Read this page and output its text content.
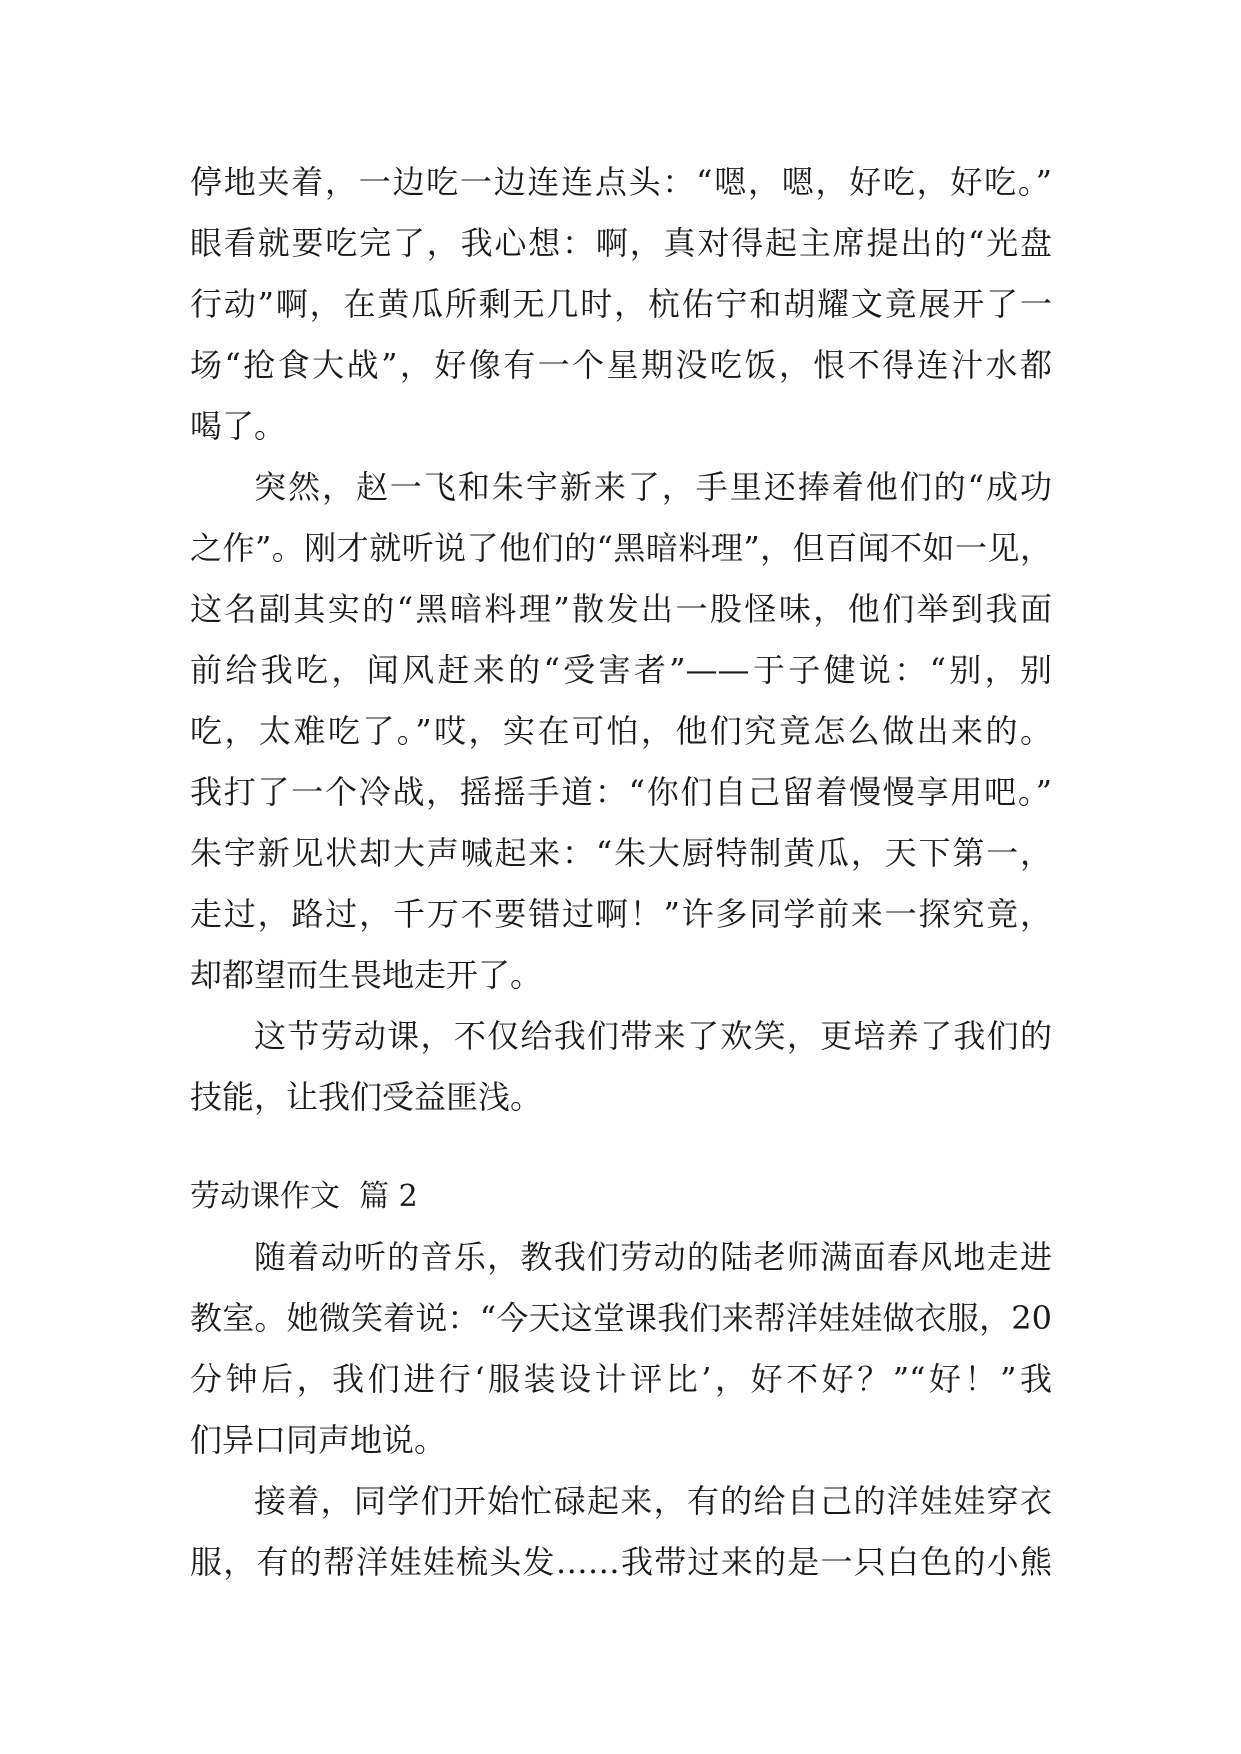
停地夹着，一边吃一边连连点头：“嗯，嗯，好吃，好吃。”
眼看就要吃完了，我心想：啊，真对得起主席提出的“光盘
行动”啊，在黄瓜所剩无几时，杭佑宁和胡耀文竟展开了一
场“抢食大战”，好像有一个星期没吃饭，恨不得连汁水都
喝了。
突然，赵一飞和朱宇新来了，手里还捧着他们的“成功
之作”。刚才就听说了他们的“黑暗料理”，但百闻不如一见，
这名副其实的“黑暗料理”散发出一股怪味，他们举到我面
前给我吃，闻风赶来的“受害者”——于子健说：“别，别
吃，太难吃了。”哎，实在可怕，他们究竟怎么做出来的。
我打了一个冷战，摇摇手道：“你们自己留着慢慢享用吧。”
朱宇新见状却大声喊起来：“朱大厨特制黄瓜，天下第一，
走过，路过，千万不要错过啊！”许多同学前来一探究竟，
却都望而生畏地走开了。
这节劳动课，不仅给我们带来了欢笑，更培养了我们的
技能，让我们受益匪浅。
劳动课作文  篇 2
随着动听的音乐，教我们劳动的陆老师满面春风地走进
教室。她微笑着说：“今天这堂课我们来帮洋娃娃做衣服，20
分钟后，我们进行‘服装设计评比’，好不好？”“好！”我
们异口同声地说。
接着，同学们开始忙碌起来，有的给自己的洋娃娃穿衣
服，有的帮洋娃娃梳头发……我带过来的是一只白色的小熊
